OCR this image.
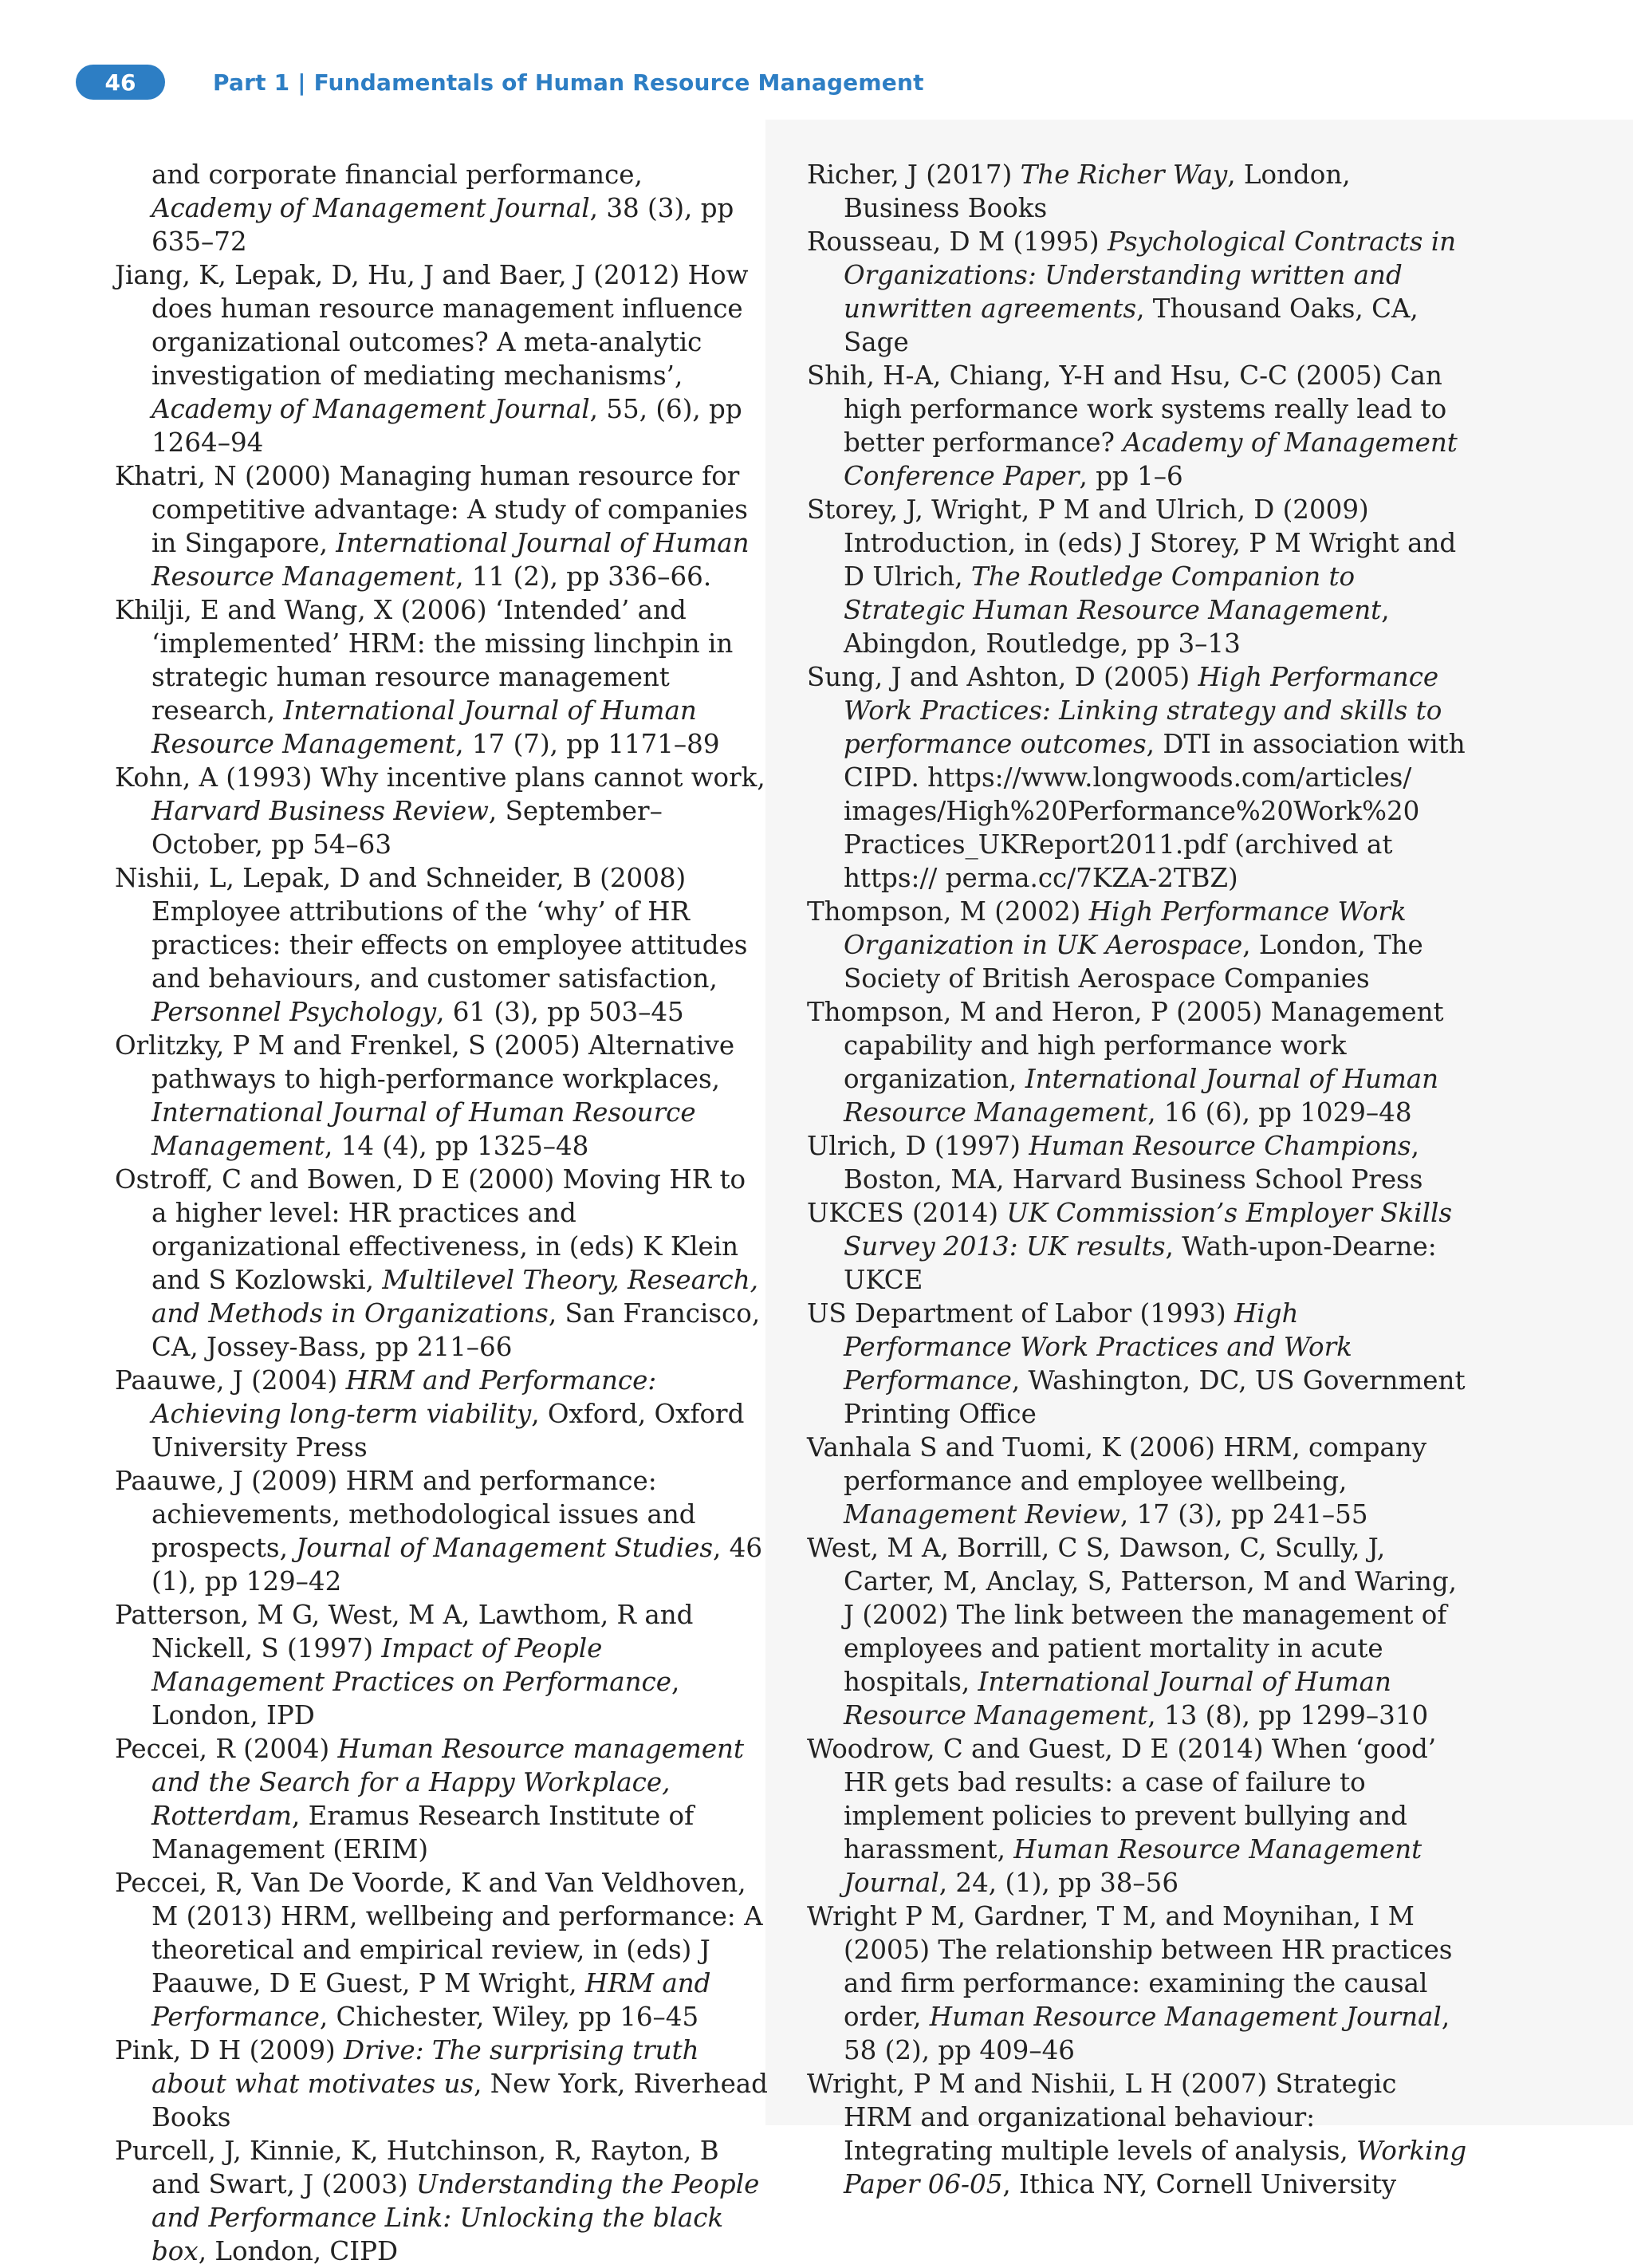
46	Part 1 | Fundamentals of Human Resource Management

and corporate financial performance, Academy of Management Journal, 38 (3), pp 635–72

Jiang, K, Lepak, D, Hu, J and Baer, J (2012) How does human resource management influence organizational outcomes? A meta-analytic investigation of mediating mechanisms’, Academy of Management Journal, 55, (6), pp 1264–94

Khatri, N (2000) Managing human resource for competitive advantage: A study of companies in Singapore, International Journal of Human Resource Management, 11 (2), pp 336–66.

Khilji, E and Wang, X (2006) ‘Intended’ and ‘implemented’ HRM: the missing linchpin in strategic human resource management research, International Journal of Human Resource Management, 17 (7), pp 1171–89

Kohn, A (1993) Why incentive plans cannot work, Harvard Business Review, September–October, pp 54–63

Nishii, L, Lepak, D and Schneider, B (2008) Employee attributions of the ‘why’ of HR practices: their effects on employee attitudes and behaviours, and customer satisfaction, Personnel Psychology, 61 (3), pp 503–45

Orlitzky, P M and Frenkel, S (2005) Alternative pathways to high-performance workplaces, International Journal of Human Resource Management, 14 (4), pp 1325–48

Ostroff, C and Bowen, D E (2000) Moving HR to a higher level: HR practices and organizational effectiveness, in (eds) K Klein and S Kozlowski, Multilevel Theory, Research, and Methods in Organizations, San Francisco, CA, Jossey-Bass, pp 211–66

Paauwe, J (2004) HRM and Performance: Achieving long-term viability, Oxford, Oxford University Press

Paauwe, J (2009) HRM and performance: achievements, methodological issues and prospects, Journal of Management Studies, 46 (1), pp 129–42

Patterson, M G, West, M A, Lawthom, R and Nickell, S (1997) Impact of People Management Practices on Performance, London, IPD

Peccei, R (2004) Human Resource management and the Search for a Happy Workplace, Rotterdam, Eramus Research Institute of Management (ERIM)

Peccei, R, Van De Voorde, K and Van Veldhoven, M (2013) HRM, wellbeing and performance: A theoretical and empirical review, in (eds) J Paauwe, D E Guest, P M Wright, HRM and Performance, Chichester, Wiley, pp 16–45

Pink, D H (2009) Drive: The surprising truth about what motivates us, New York, Riverhead Books

Purcell, J, Kinnie, K, Hutchinson, R, Rayton, B and Swart, J (2003) Understanding the People and Performance Link: Unlocking the black box, London, CIPD

Richer, J (2017) The Richer Way, London, Business Books

Rousseau, D M (1995) Psychological Contracts in Organizations: Understanding written and unwritten agreements, Thousand Oaks, CA, Sage

Shih, H-A, Chiang, Y-H and Hsu, C-C (2005) Can high performance work systems really lead to better performance? Academy of Management Conference Paper, pp 1–6

Storey, J, Wright, P M and Ulrich, D (2009) Introduction, in (eds) J Storey, P M Wright and D Ulrich, The Routledge Companion to Strategic Human Resource Management, Abingdon, Routledge, pp 3–13

Sung, J and Ashton, D (2005) High Performance Work Practices: Linking strategy and skills to performance outcomes, DTI in association with CIPD. https://www.longwoods.com/articles/ images/High%20Performance%20Work%20 Practices_UKReport2011.pdf (archived at https:// perma.cc/7KZA-2TBZ)

Thompson, M (2002) High Performance Work Organization in UK Aerospace, London, The Society of British Aerospace Companies

Thompson, M and Heron, P (2005) Management capability and high performance work organization, International Journal of Human Resource Management, 16 (6), pp 1029–48

Ulrich, D (1997) Human Resource Champions, Boston, MA, Harvard Business School Press

UKCES (2014) UK Commission’s Employer Skills Survey 2013: UK results, Wath-upon-Dearne: UKCE

US Department of Labor (1993) High Performance Work Practices and Work Performance, Washington, DC, US Government Printing Office

Vanhala S and Tuomi, K (2006) HRM, company performance and employee wellbeing, Management Review, 17 (3), pp 241–55

West, M A, Borrill, C S, Dawson, C, Scully, J, Carter, M, Anclay, S, Patterson, M and Waring, J (2002) The link between the management of employees and patient mortality in acute hospitals, International Journal of Human Resource Management, 13 (8), pp 1299–310

Woodrow, C and Guest, D E (2014) When ‘good’ HR gets bad results: a case of failure to implement policies to prevent bullying and harassment, Human Resource Management Journal, 24, (1), pp 38–56

Wright P M, Gardner, T M, and Moynihan, I M (2005) The relationship between HR practices and firm performance: examining the causal order, Human Resource Management Journal, 58 (2), pp 409–46

Wright, P M and Nishii, L H (2007) Strategic HRM and organizational behaviour: Integrating multiple levels of analysis, Working Paper 06-05, Ithica NY, Cornell University
